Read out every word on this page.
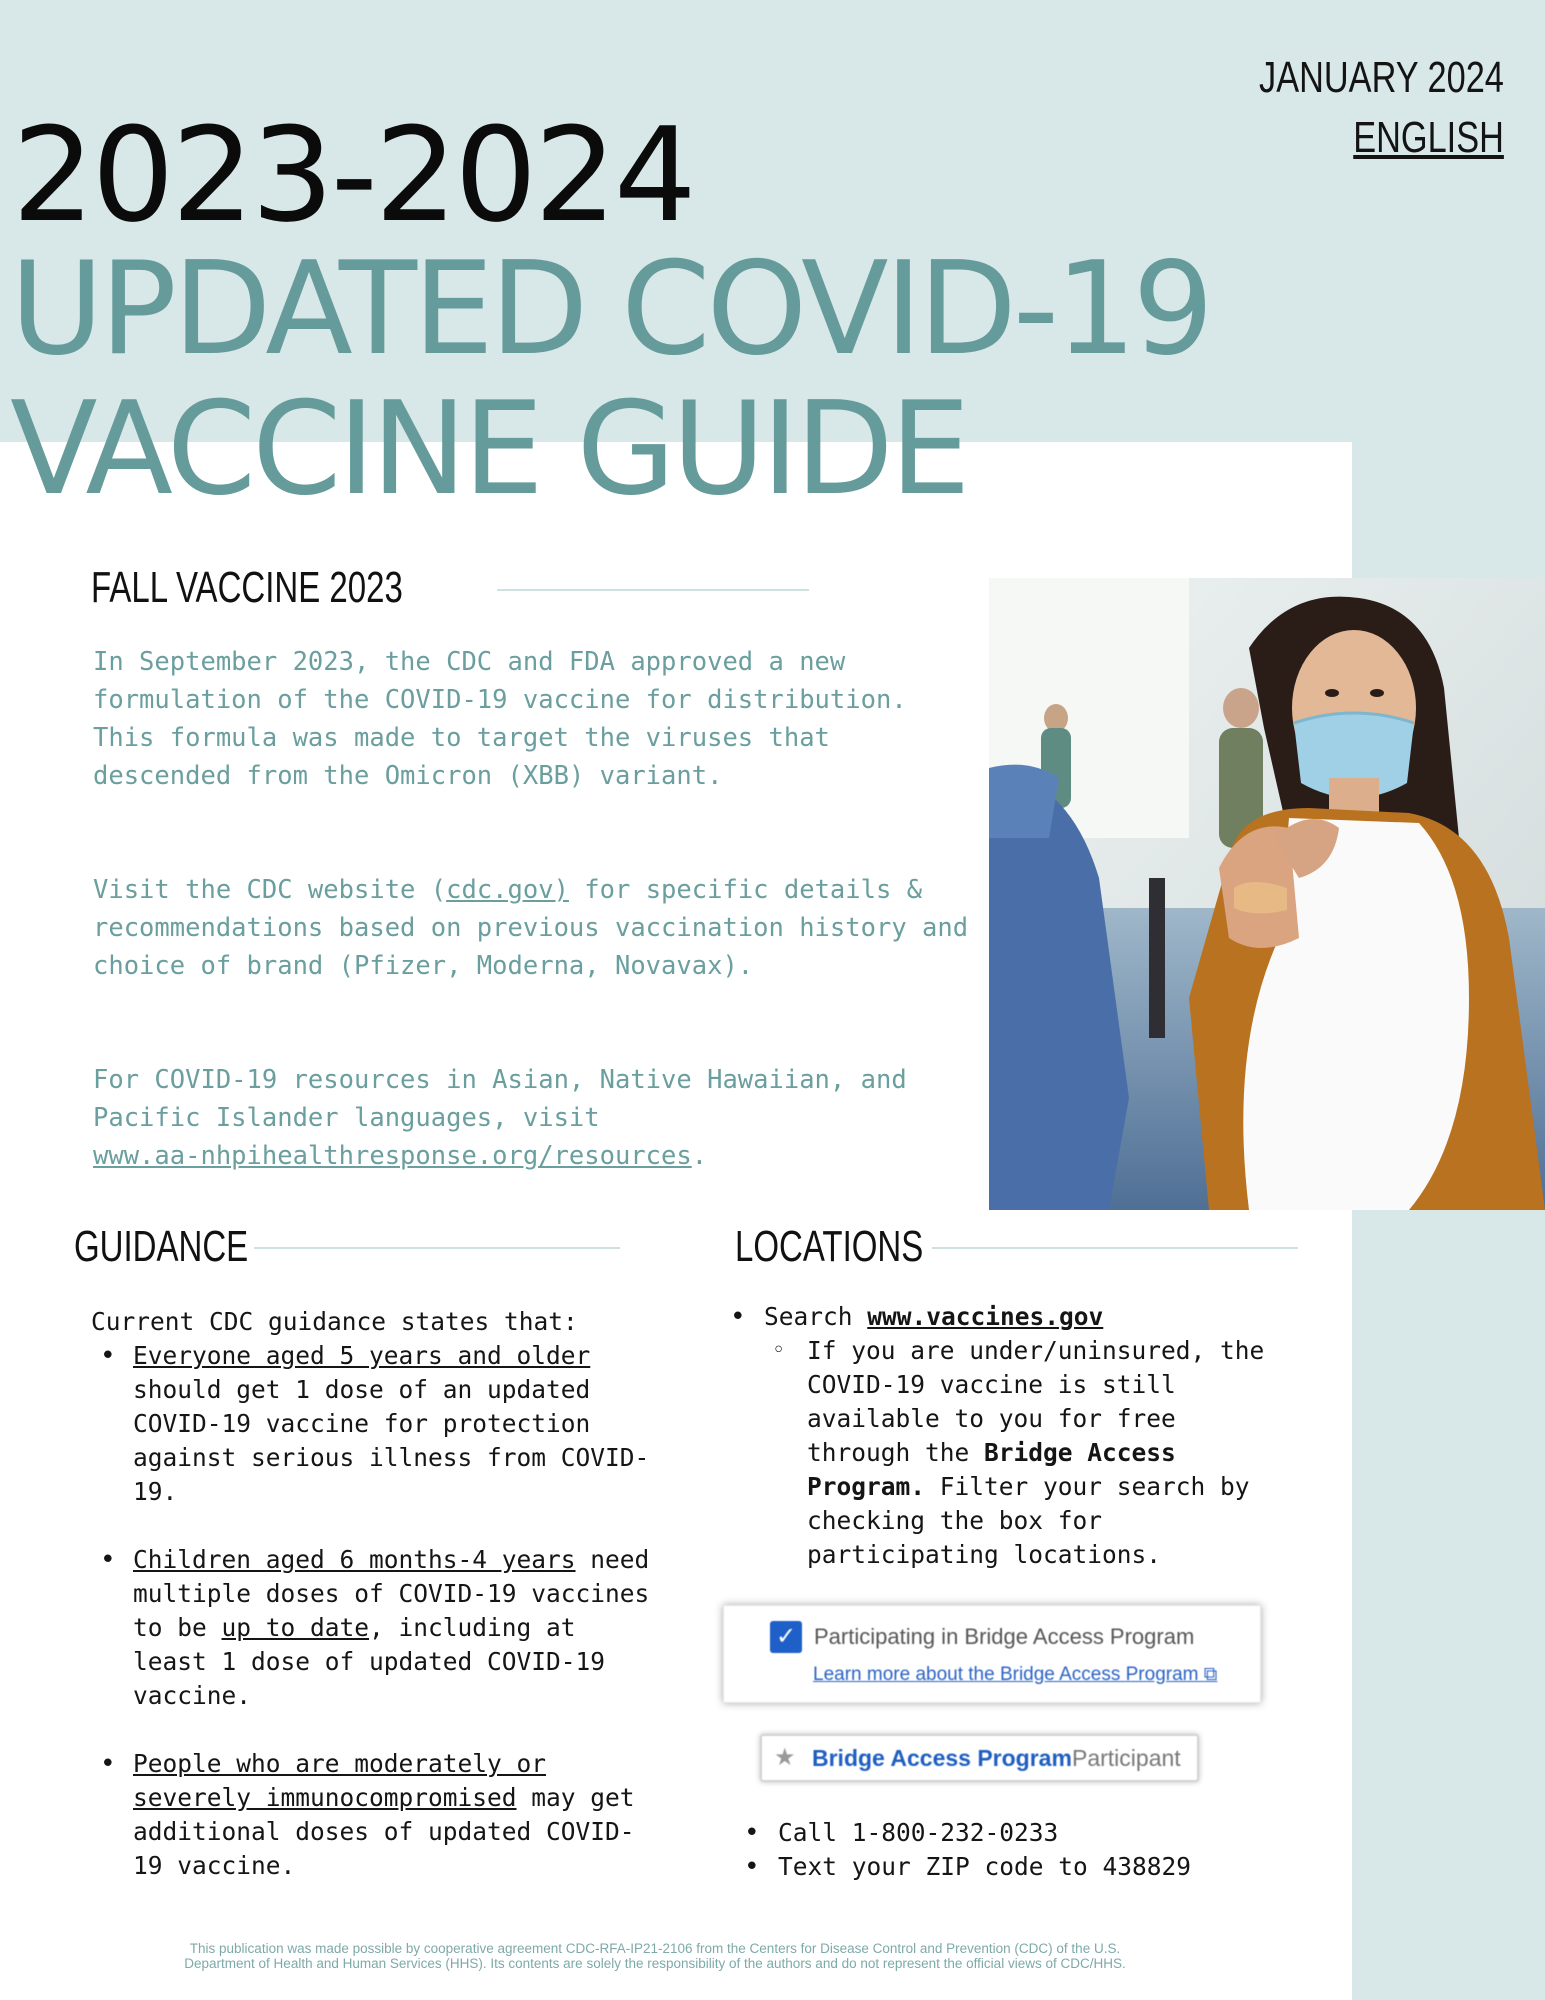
JANUARY 2024
ENGLISH
2023-2024
UPDATED COVID-19
VACCINE GUIDE
FALL VACCINE 2023

In September 2023, the CDC and FDA approved a new formulation of the COVID-19 vaccine for distribution. This formula was made to target the viruses that descended from the Omicron (XBB) variant.

Visit the CDC website (cdc.gov) for specific details & recommendations based on previous vaccination history and choice of brand (Pfizer, Moderna, Novavax).

For COVID-19 resources in Asian, Native Hawaiian, and Pacific Islander languages, visit
www.aa-nhpihealthresponse.org/resources.

GUIDANCE
Current CDC guidance states that:
• Everyone aged 5 years and older should get 1 dose of an updated COVID-19 vaccine for protection against serious illness from COVID-19.
• Children aged 6 months-4 years need multiple doses of COVID-19 vaccines to be up to date, including at least 1 dose of updated COVID-19 vaccine.
• People who are moderately or severely immunocompromised may get additional doses of updated COVID-19 vaccine.
LOCATIONS
• Search www.vaccines.gov
◦ If you are under/uninsured, the COVID-19 vaccine is still available to you for free through the Bridge Access Program. Filter your search by checking the box for participating locations.
✓ Participating in Bridge Access Program
Learn more about the Bridge Access Program ⧉
★ Bridge Access Program Participant
• Call 1-800-232-0233
• Text your ZIP code to 438829
This publication was made possible by cooperative agreement CDC-RFA-IP21-2106 from the Centers for Disease Control and Prevention (CDC) of the U.S.
Department of Health and Human Services (HHS). Its contents are solely the responsibility of the authors and do not represent the official views of CDC/HHS.
